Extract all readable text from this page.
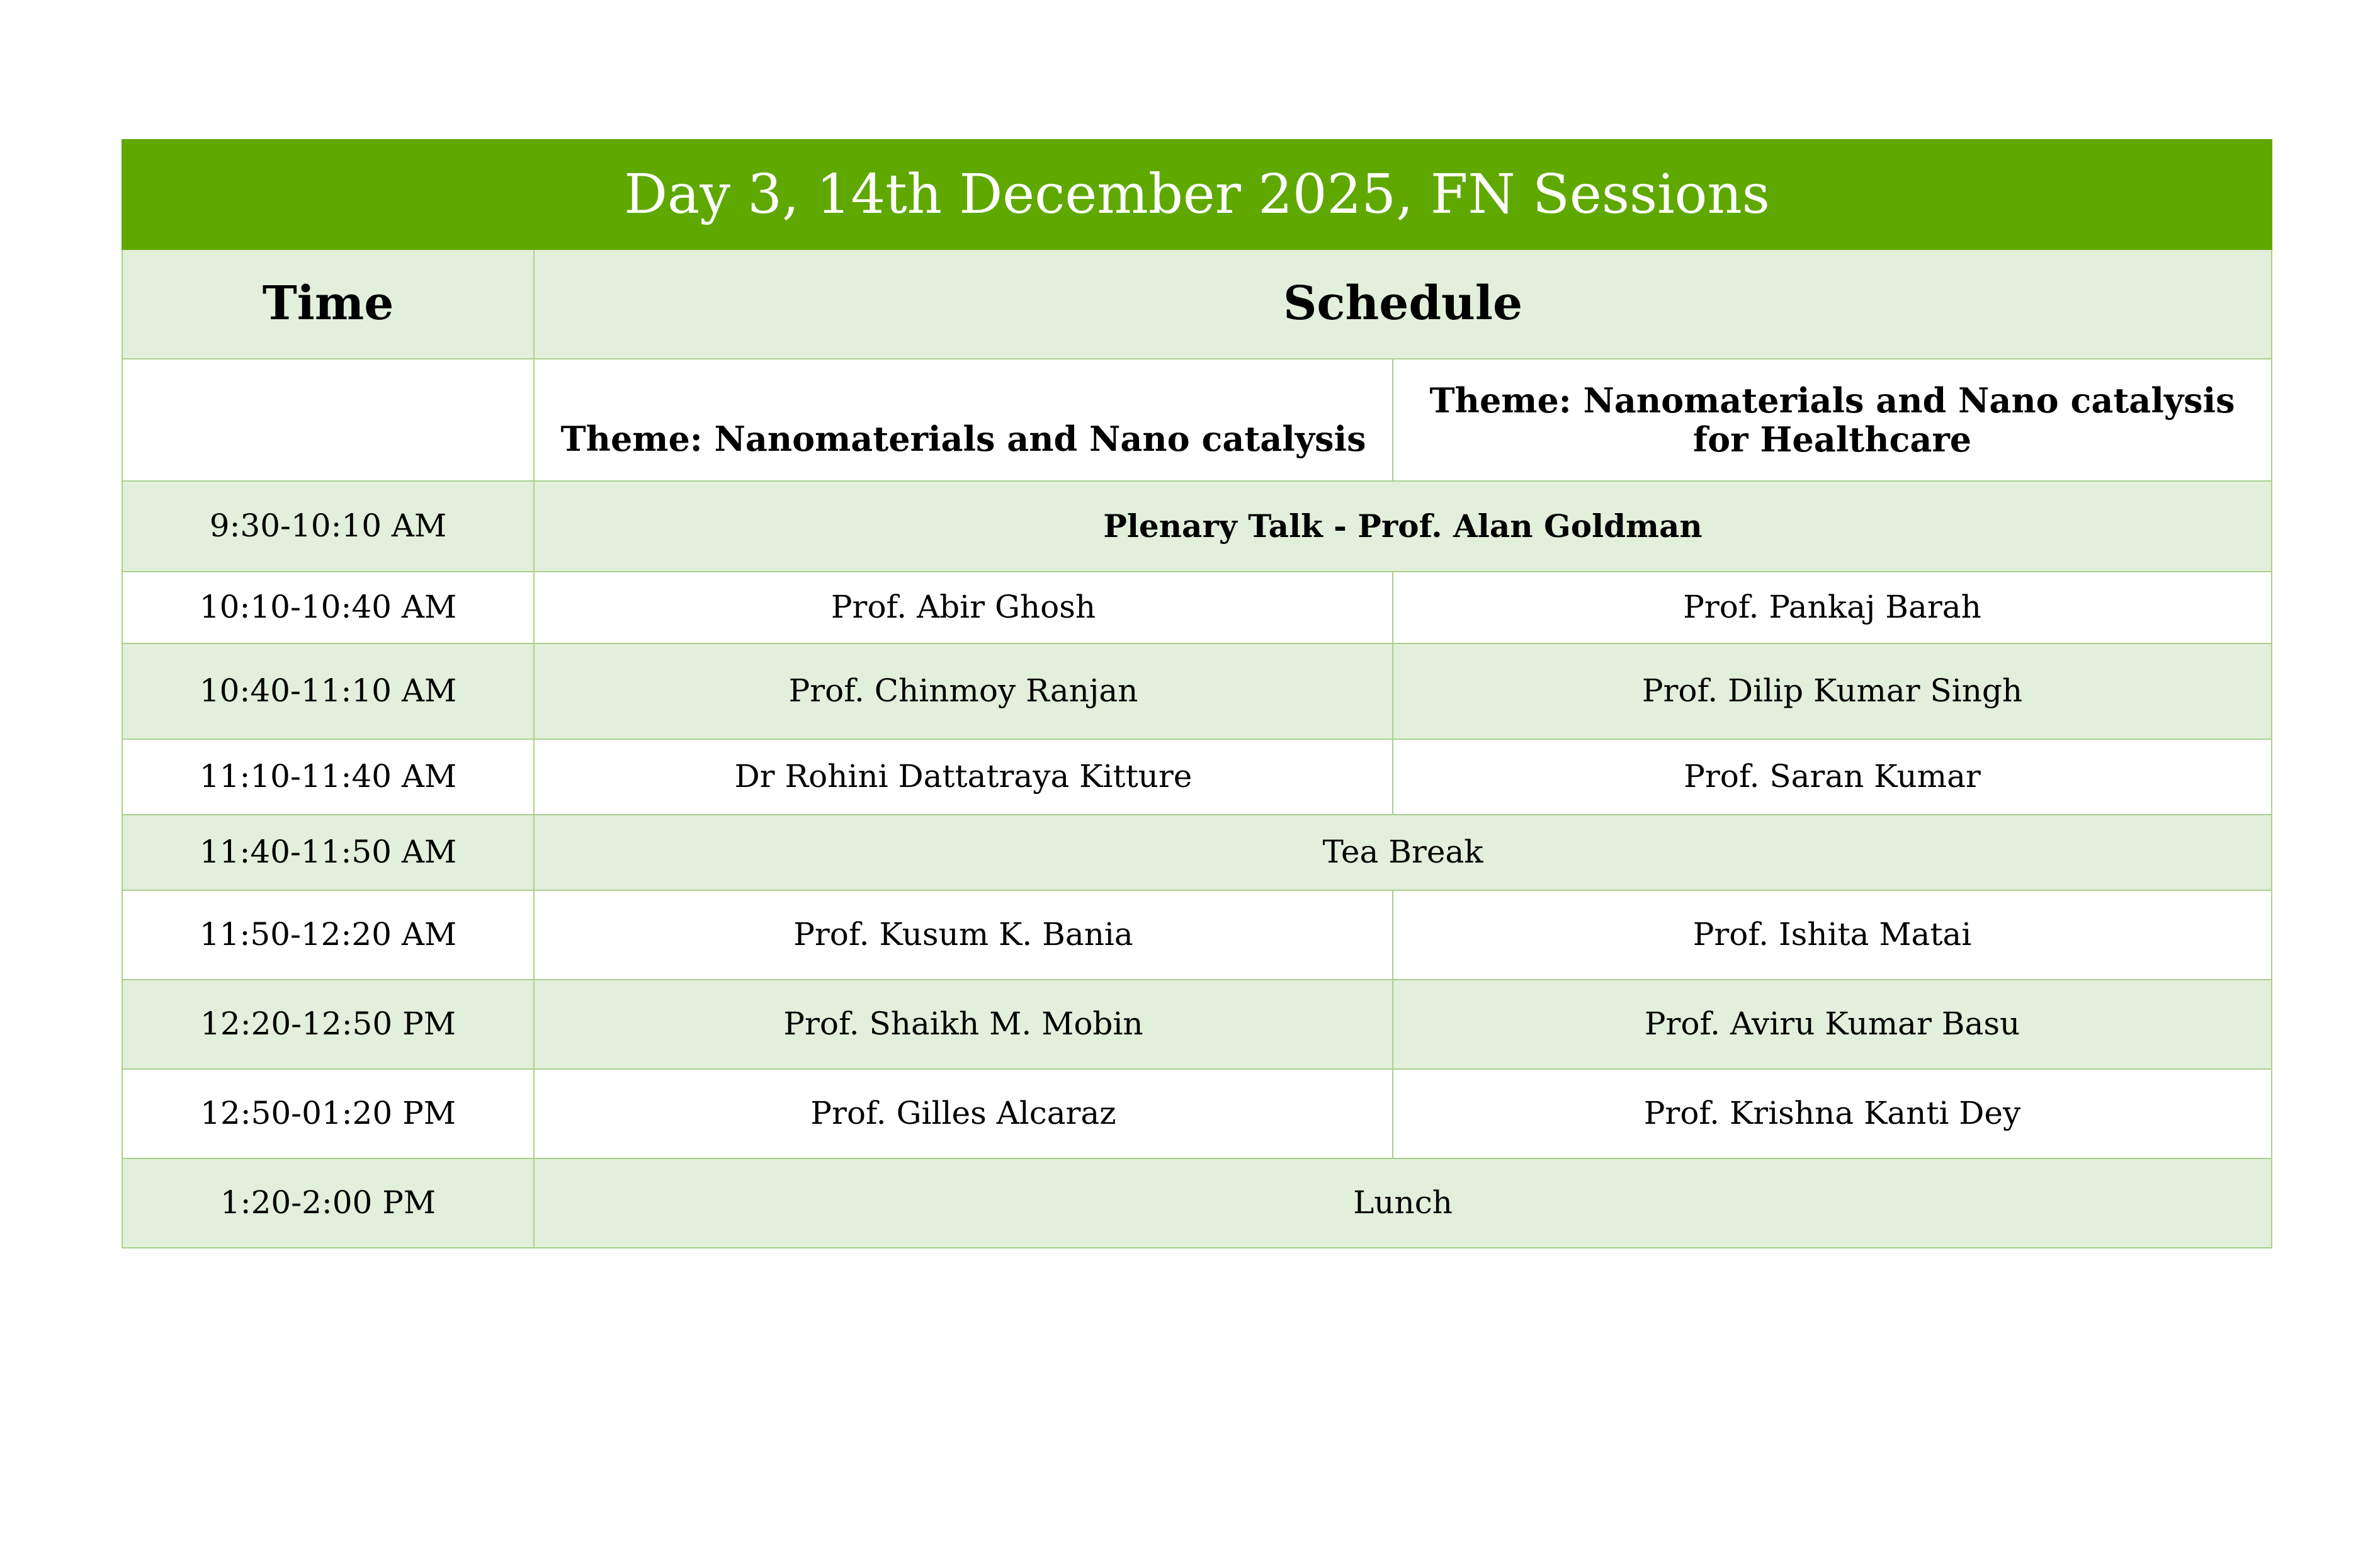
Day 3, 14th December 2025, FN Sessions		
Time	Schedule	
	Theme: Nanomaterials and Nano catalysis	Theme: Nanomaterials and Nano catalysis for Healthcare
9:30-10:10 AM	Plenary Talk - Prof. Alan Goldman	
10:10-10:40 AM	Prof. Abir Ghosh	Prof. Pankaj Barah
10:40-11:10 AM	Prof. Chinmoy Ranjan	Prof. Dilip Kumar Singh
11:10-11:40 AM	Dr Rohini Dattatraya Kitture	Prof. Saran Kumar
11:40-11:50 AM	Tea Break	
11:50-12:20 AM	Prof. Kusum K. Bania	Prof. Ishita Matai
12:20-12:50 PM	Prof. Shaikh M. Mobin	Prof. Aviru Kumar Basu
12:50-01:20 PM	Prof. Gilles Alcaraz	Prof. Krishna Kanti Dey
1:20-2:00 PM	Lunch	
